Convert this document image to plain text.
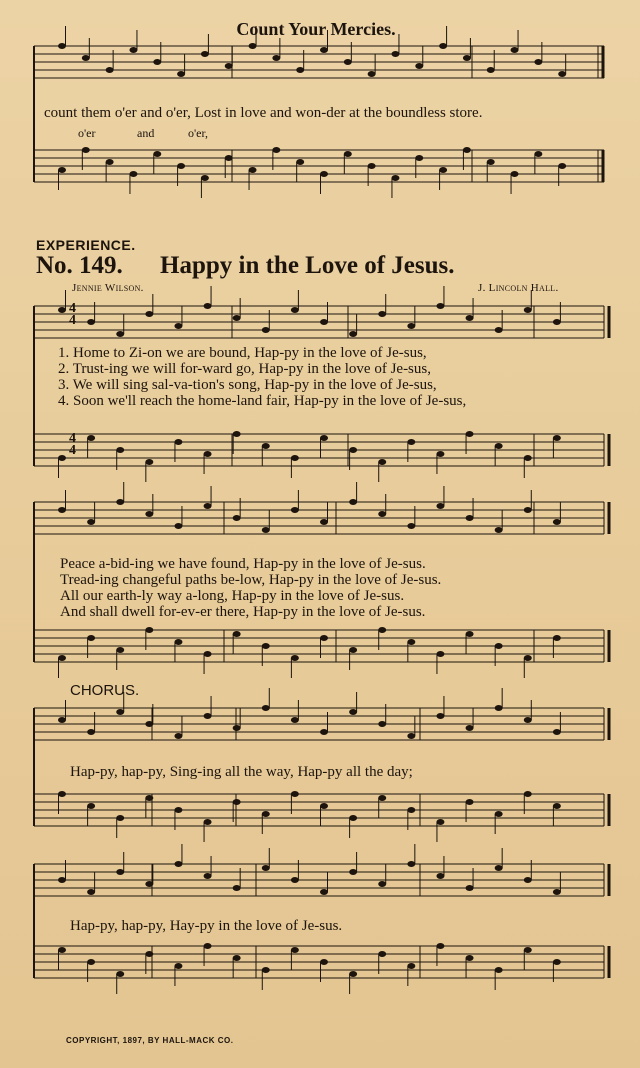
Count Your Mercies.
count them o'er and o'er, Lost in love and won-der at the boundless store.
o'er	and	o'er,
EXPERIENCE.
No. 149. Happy in the Love of Jesus.
Jennie Wilson.	J. Lincoln Hall.
4
4
4
4
1. Home to Zi-on we are bound, Hap-py in the love of Je-sus,
2. Trust-ing we will for-ward go, Hap-py in the love of Je-sus,
3. We will sing sal-va-tion's song, Hap-py in the love of Je-sus,
4. Soon we'll reach the home-land fair, Hap-py in the love of Je-sus,
Peace a-bid-ing we have found, Hap-py in the love of Je-sus.
Tread-ing changeful paths be-low, Hap-py in the love of Je-sus.
All our earth-ly way a-long, Hap-py in the love of Je-sus.
And shall dwell for-ev-er there, Hap-py in the love of Je-sus.
CHORUS.
Hap-py, hap-py, Sing-ing all the way, Hap-py all the day;
Hap-py, hap-py, Hay-py in the love of Je-sus.
COPYRIGHT, 1897, BY HALL-MACK CO.
